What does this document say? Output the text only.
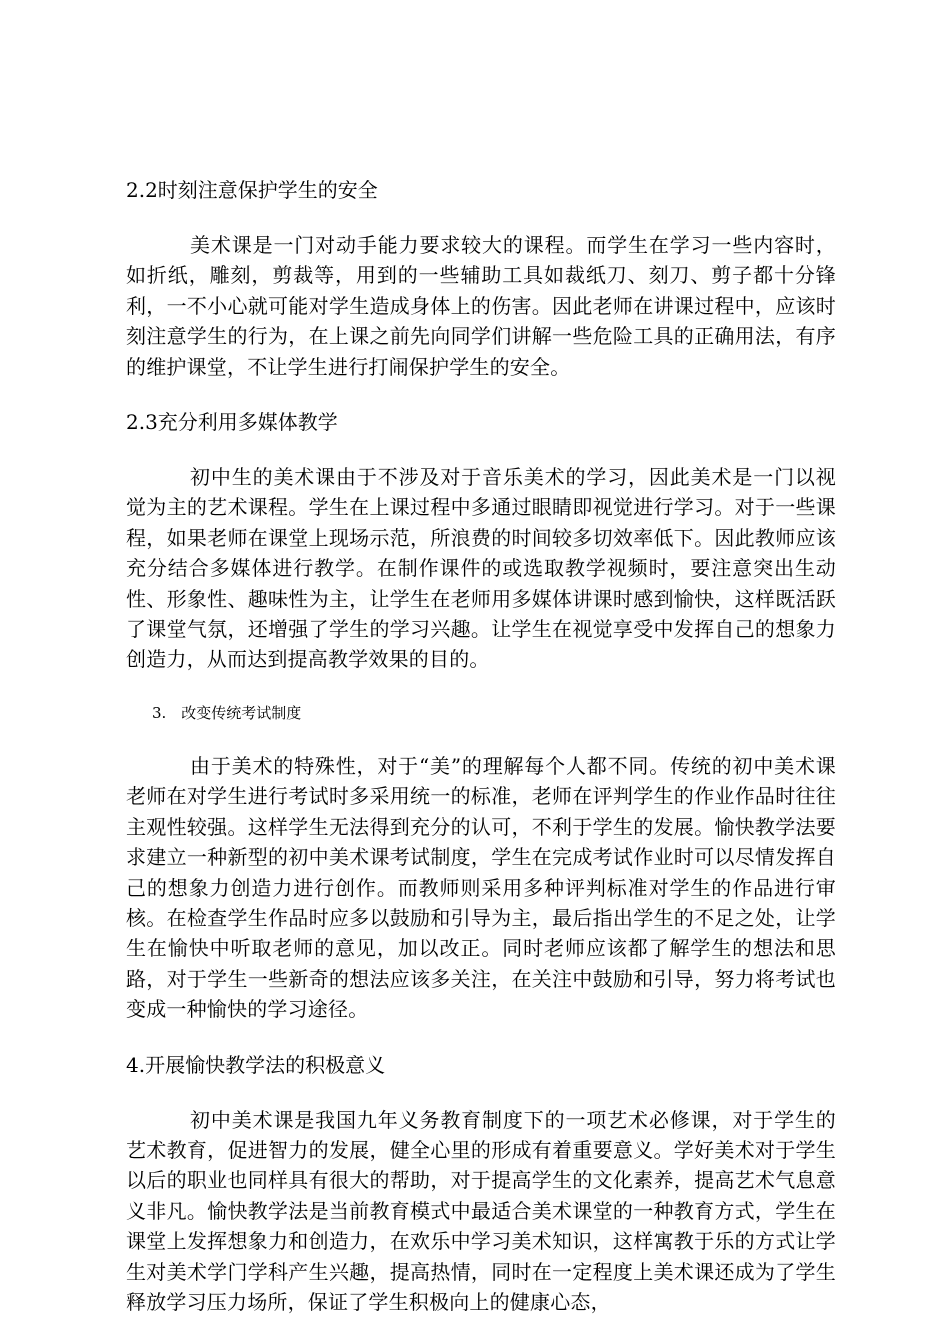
2.2时刻注意保护学生的安全

美术课是一门对动手能力要求较大的课程。而学生在学习一些内容时，如折纸，雕刻，剪裁等，用到的一些辅助工具如裁纸刀、刻刀、剪子都十分锋利，一不小心就可能对学生造成身体上的伤害。因此老师在讲课过程中，应该时刻注意学生的行为，在上课之前先向同学们讲解一些危险工具的正确用法，有序的维护课堂，不让学生进行打闹保护学生的安全。

2.3充分利用多媒体教学

初中生的美术课由于不涉及对于音乐美术的学习，因此美术是一门以视觉为主的艺术课程。学生在上课过程中多通过眼睛即视觉进行学习。对于一些课程，如果老师在课堂上现场示范，所浪费的时间较多切效率低下。因此教师应该充分结合多媒体进行教学。在制作课件的或选取教学视频时，要注意突出生动性、形象性、趣味性为主，让学生在老师用多媒体讲课时感到愉快，这样既活跃了课堂气氛，还增强了学生的学习兴趣。让学生在视觉享受中发挥自己的想象力创造力，从而达到提高教学效果的目的。

3.　改变传统考试制度

由于美术的特殊性，对于“美”的理解每个人都不同。传统的初中美术课老师在对学生进行考试时多采用统一的标准，老师在评判学生的作业作品时往往主观性较强。这样学生无法得到充分的认可，不利于学生的发展。愉快教学法要求建立一种新型的初中美术课考试制度，学生在完成考试作业时可以尽情发挥自己的想象力创造力进行创作。而教师则采用多种评判标准对学生的作品进行审核。在检查学生作品时应多以鼓励和引导为主，最后指出学生的不足之处，让学生在愉快中听取老师的意见，加以改正。同时老师应该都了解学生的想法和思路，对于学生一些新奇的想法应该多关注，在关注中鼓励和引导，努力将考试也变成一种愉快的学习途径。

4.开展愉快教学法的积极意义

初中美术课是我国九年义务教育制度下的一项艺术必修课，对于学生的艺术教育，促进智力的发展，健全心里的形成有着重要意义。学好美术对于学生以后的职业也同样具有很大的帮助，对于提高学生的文化素养，提高艺术气息意义非凡。愉快教学法是当前教育模式中最适合美术课堂的一种教育方式，学生在课堂上发挥想象力和创造力，在欢乐中学习美术知识，这样寓教于乐的方式让学生对美术学门学科产生兴趣，提高热情，同时在一定程度上美术课还成为了学生释放学习压力场所，保证了学生积极向上的健康心态，
